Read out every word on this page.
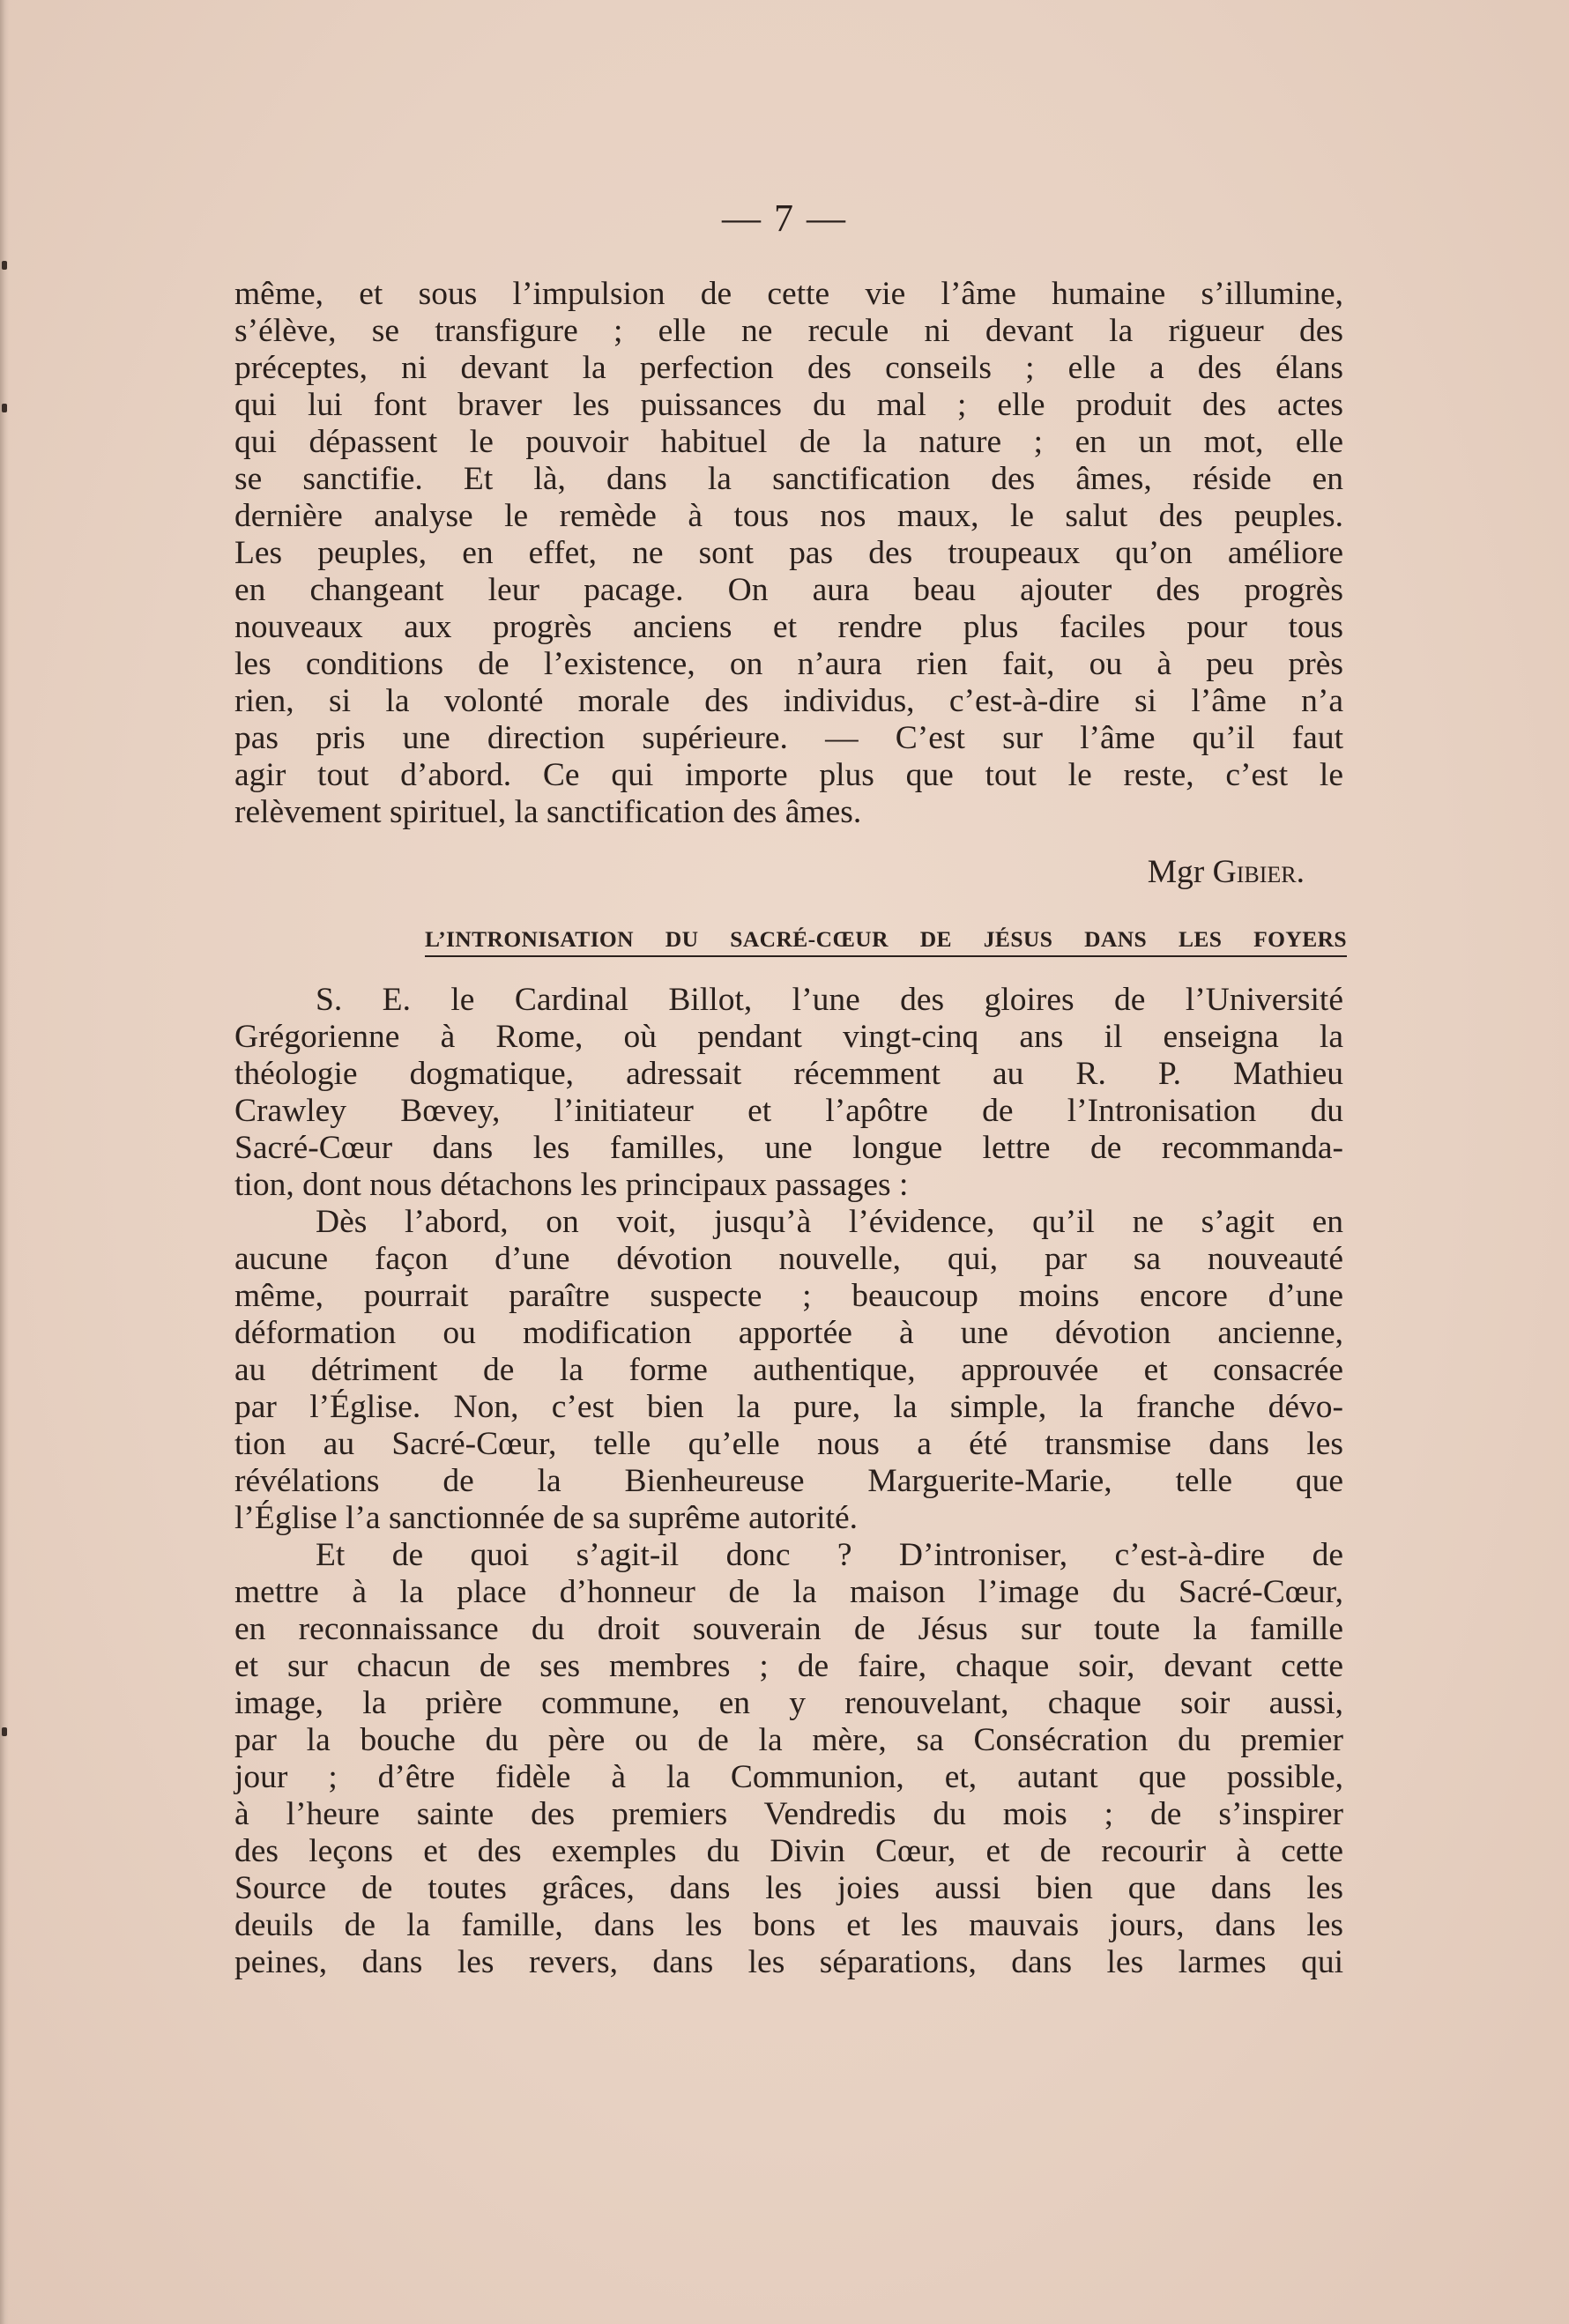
— 7 —
même, et sous l’impulsion de cette vie l’âme humaine s’illumine,
s’élève, se transfigure ; elle ne recule ni devant la rigueur des
préceptes, ni devant la perfection des conseils ; elle a des élans
qui lui font braver les puissances du mal ; elle produit des actes
qui dépassent le pouvoir habituel de la nature ; en un mot, elle
se sanctifie. Et là, dans la sanctification des âmes, réside en
dernière analyse le remède à tous nos maux, le salut des peuples.
Les peuples, en effet, ne sont pas des troupeaux qu’on améliore
en changeant leur pacage. On aura beau ajouter des progrès
nouveaux aux progrès anciens et rendre plus faciles pour tous
les conditions de l’existence, on n’aura rien fait, ou à peu près
rien, si la volonté morale des individus, c’est-à-dire si l’âme n’a
pas pris une direction supérieure. — C’est sur l’âme qu’il faut
agir tout d’abord. Ce qui importe plus que tout le reste, c’est le
relèvement spirituel, la sanctification des âmes.
Mgr Gibier.
L’INTRONISATION DU SACRÉ-CŒUR DE JÉSUS DANS LES FOYERS
S. E. le Cardinal Billot, l’une des gloires de l’Université
Grégorienne à Rome, où pendant vingt-cinq ans il enseigna la
théologie dogmatique, adressait récemment au R. P. Mathieu
Crawley Bœvey, l’initiateur et l’apôtre de l’Intronisation du
Sacré-Cœur dans les familles, une longue lettre de recommanda-
tion, dont nous détachons les principaux passages :
Dès l’abord, on voit, jusqu’à l’évidence, qu’il ne s’agit en
aucune façon d’une dévotion nouvelle, qui, par sa nouveauté
même, pourrait paraître suspecte ; beaucoup moins encore d’une
déformation ou modification apportée à une dévotion ancienne,
au détriment de la forme authentique, approuvée et consacrée
par l’Église. Non, c’est bien la pure, la simple, la franche dévo-
tion au Sacré-Cœur, telle qu’elle nous a été transmise dans les
révélations de la Bienheureuse Marguerite-Marie, telle que
l’Église l’a sanctionnée de sa suprême autorité.
Et de quoi s’agit-il donc ? D’introniser, c’est-à-dire de
mettre à la place d’honneur de la maison l’image du Sacré-Cœur,
en reconnaissance du droit souverain de Jésus sur toute la famille
et sur chacun de ses membres ; de faire, chaque soir, devant cette
image, la prière commune, en y renouvelant, chaque soir aussi,
par la bouche du père ou de la mère, sa Consécration du premier
jour ; d’être fidèle à la Communion, et, autant que possible,
à l’heure sainte des premiers Vendredis du mois ; de s’inspirer
des leçons et des exemples du Divin Cœur, et de recourir à cette
Source de toutes grâces, dans les joies aussi bien que dans les
deuils de la famille, dans les bons et les mauvais jours, dans les
peines, dans les revers, dans les séparations, dans les larmes qui
